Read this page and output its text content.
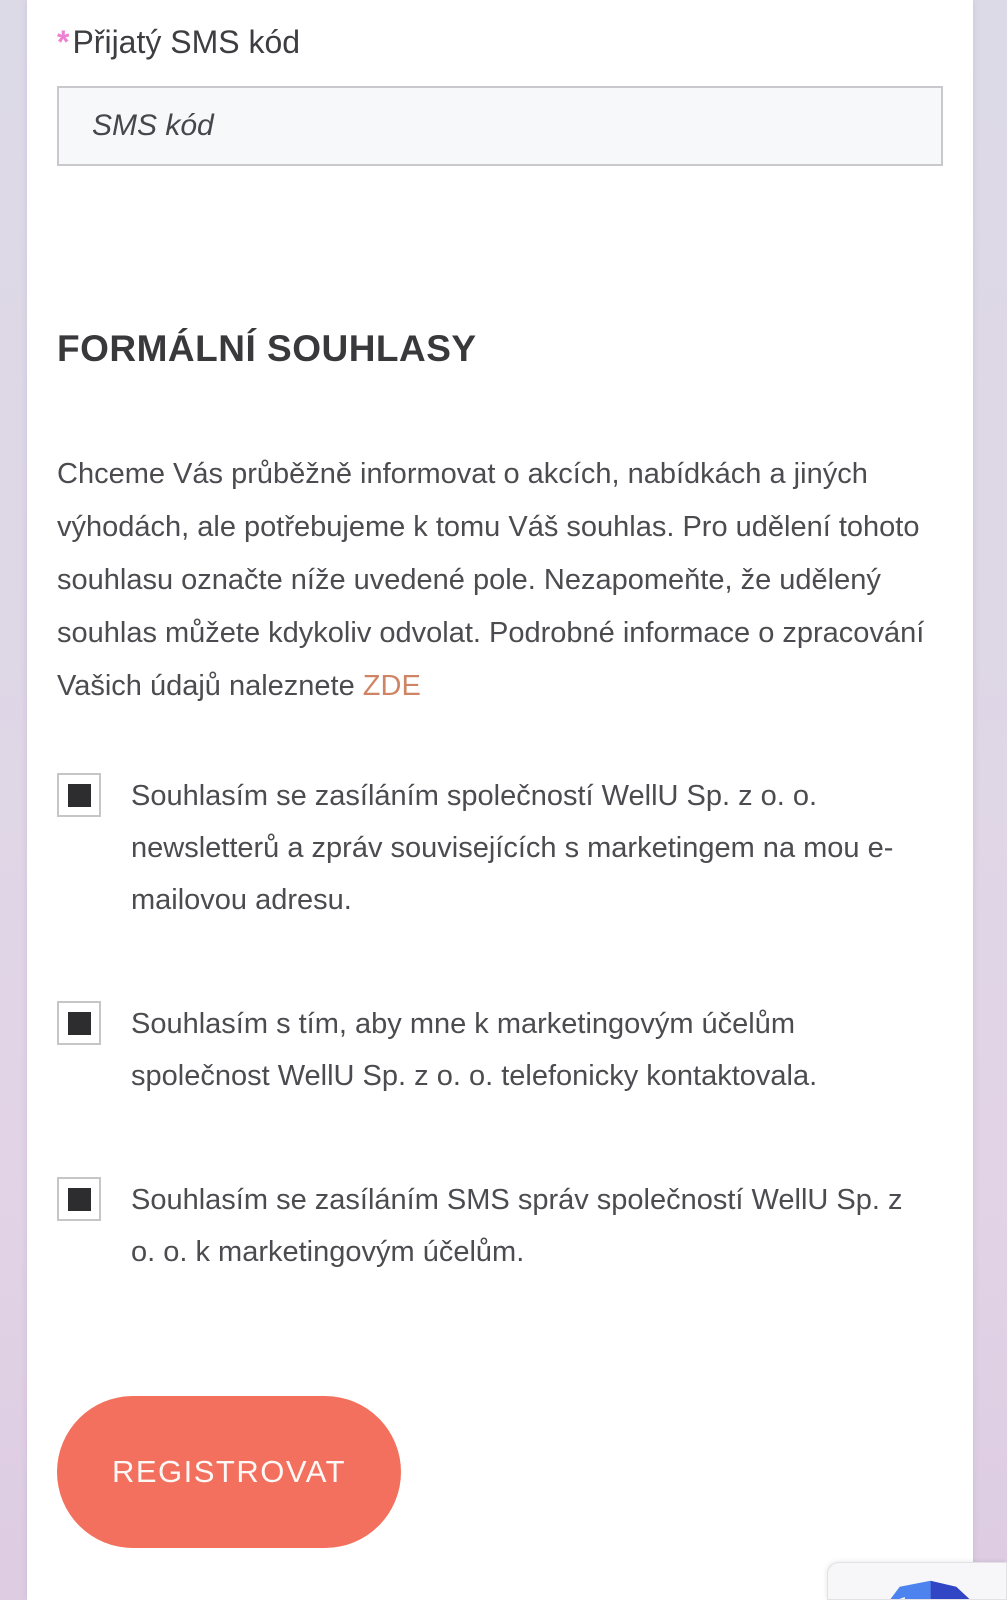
*Přijatý SMS kód
SMS kód
FORMÁLNÍ SOUHLASY

Chceme Vás průběžně informovat o akcích, nabídkách a jiných výhodách, ale potřebujeme k tomu Váš souhlas. Pro udělení tohoto souhlasu označte níže uvedené pole. Nezapomeňte, že udělený souhlas můžete kdykoliv odvolat. Podrobné informace o zpracování Vašich údajů naleznete ZDE

Souhlasím se zasíláním společností WellU Sp. z o. o. newsletterů a zpráv souvisejících s marketingem na mou e-mailovou adresu.
Souhlasím s tím, aby mne k marketingovým účelům společnost WellU Sp. z o. o. telefonicky kontaktovala.
Souhlasím se zasíláním SMS správ společností WellU Sp. z o. o. k marketingovým účelům.
REGISTROVAT
